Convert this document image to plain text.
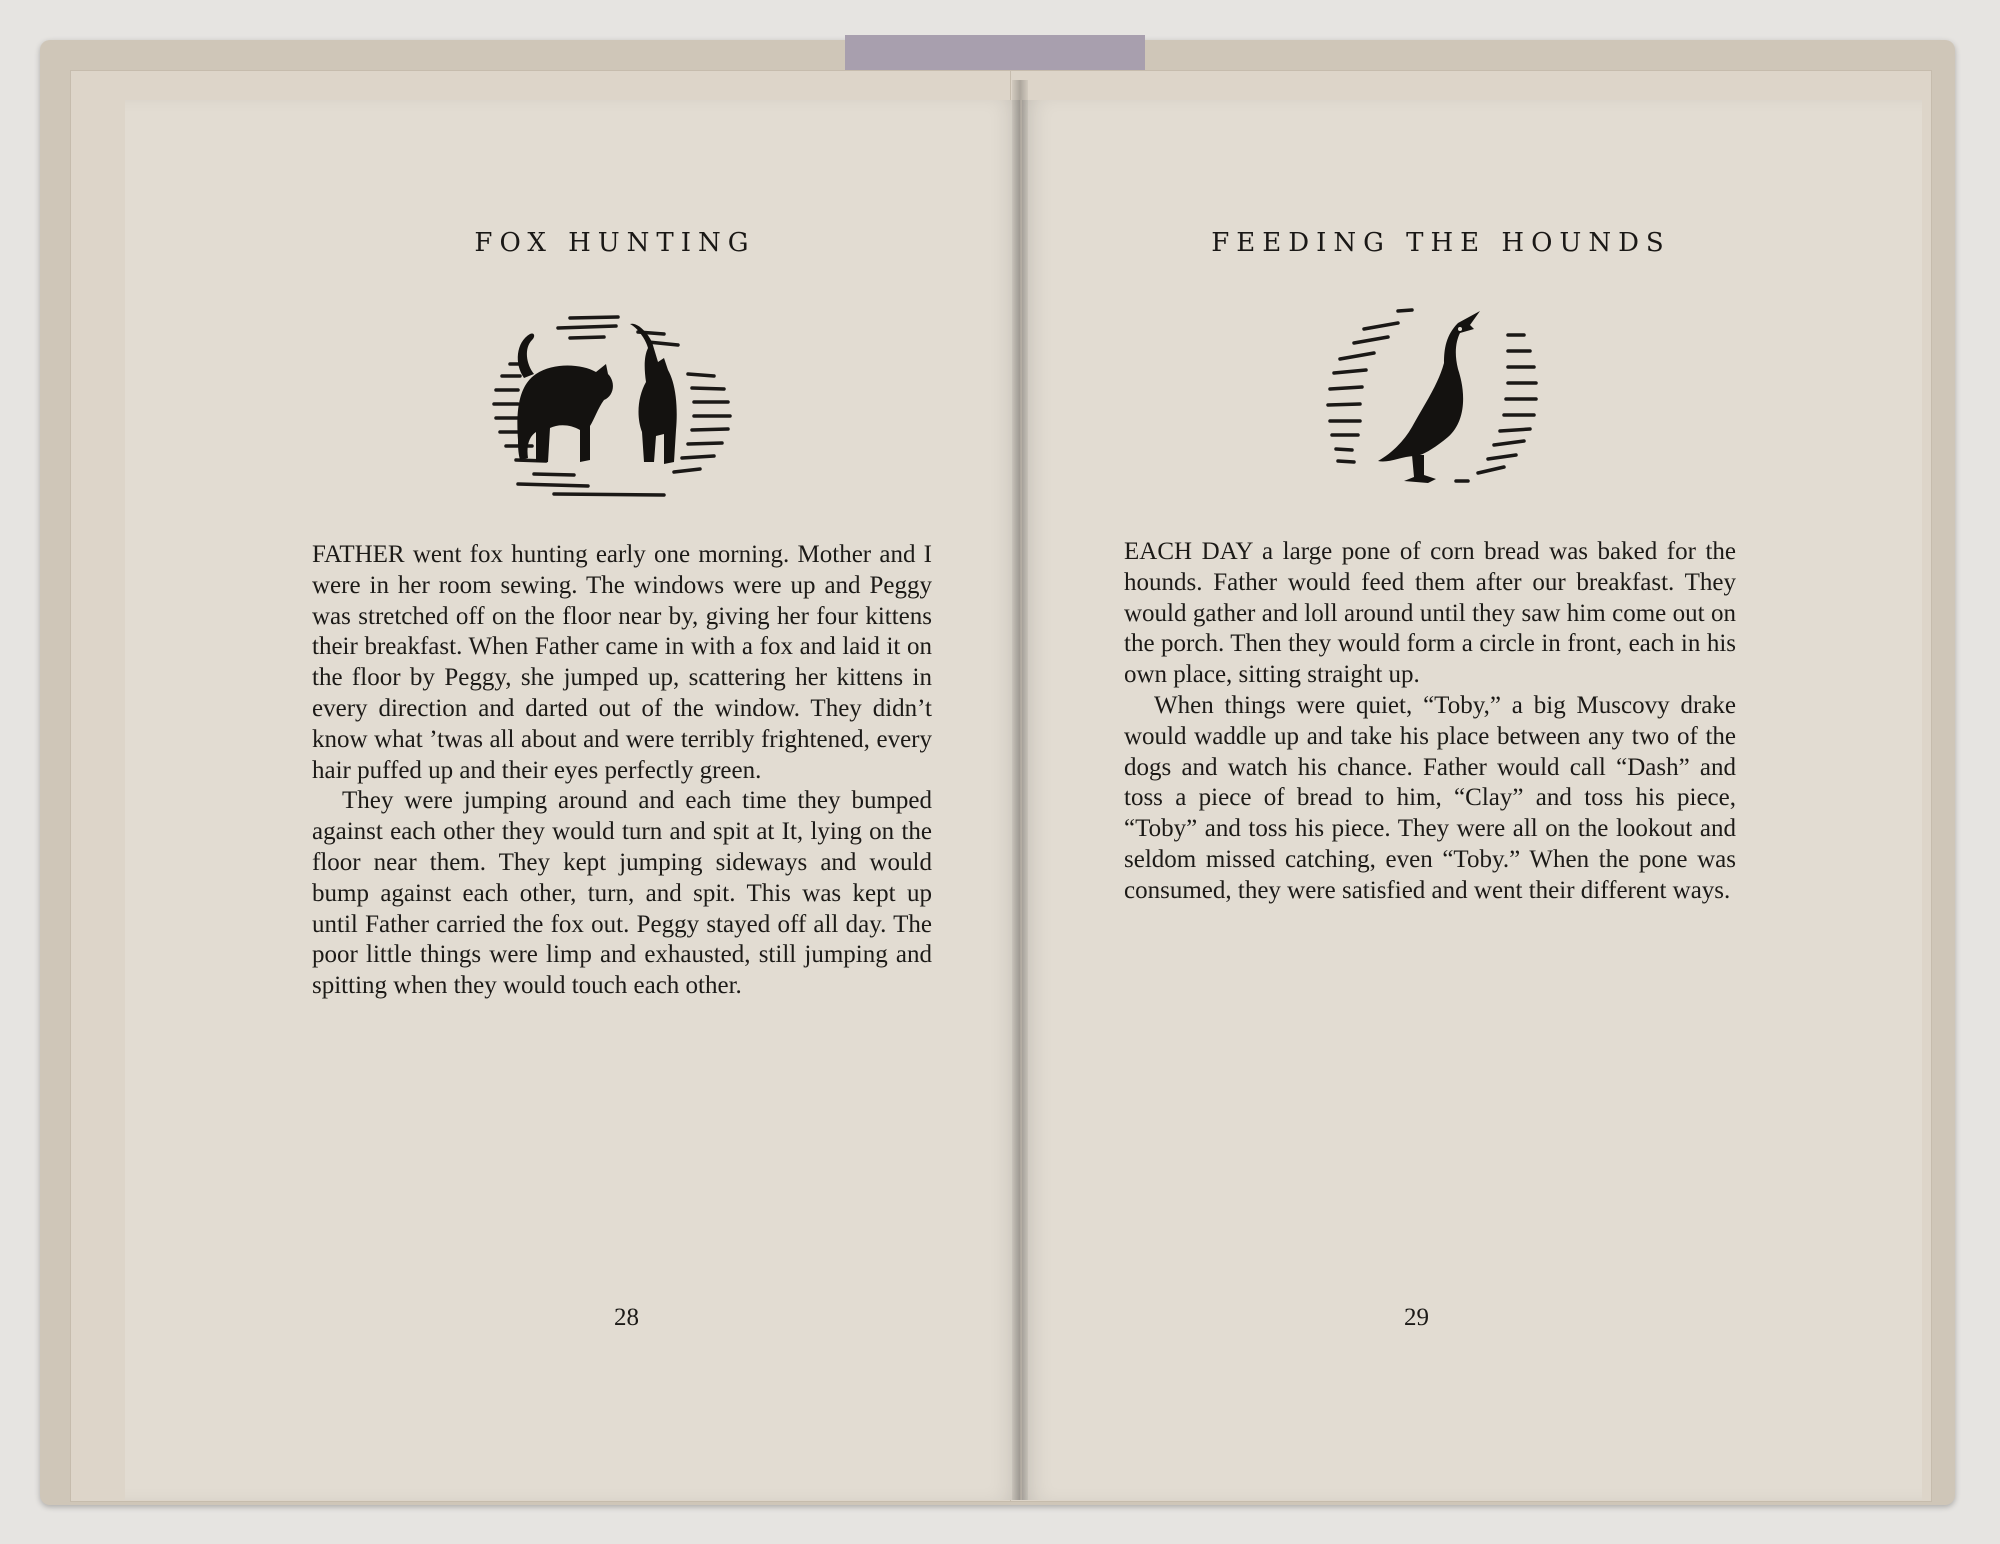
FOX HUNTING

FATHER went fox hunting early one morning. Mother and I were in her room sewing. The windows were up and Peggy was stretched off on the floor near by, giving her four kittens their breakfast. When Father came in with a fox and laid it on the floor by Peggy, she jumped up, scattering her kittens in every direction and darted out of the window. They didn’t know what ’twas all about and were terribly frightened, every hair puffed up and their eyes perfectly green.

They were jumping around and each time they bumped against each other they would turn and spit at It, lying on the floor near them. They kept jumping sideways and would bump against each other, turn, and spit. This was kept up until Father carried the fox out. Peggy stayed off all day. The poor little things were limp and exhausted, still jumping and spitting when they would touch each other.

28
FEEDING THE HOUNDS

EACH DAY a large pone of corn bread was baked for the hounds. Father would feed them after our breakfast. They would gather and loll around until they saw him come out on the porch. Then they would form a circle in front, each in his own place, sitting straight up.

When things were quiet, “Toby,” a big Muscovy drake would waddle up and take his place between any two of the dogs and watch his chance. Father would call “Dash” and toss a piece of bread to him, “Clay” and toss his piece, “Toby” and toss his piece. They were all on the lookout and seldom missed catching, even “Toby.” When the pone was consumed, they were satisfied and went their different ways.

29
